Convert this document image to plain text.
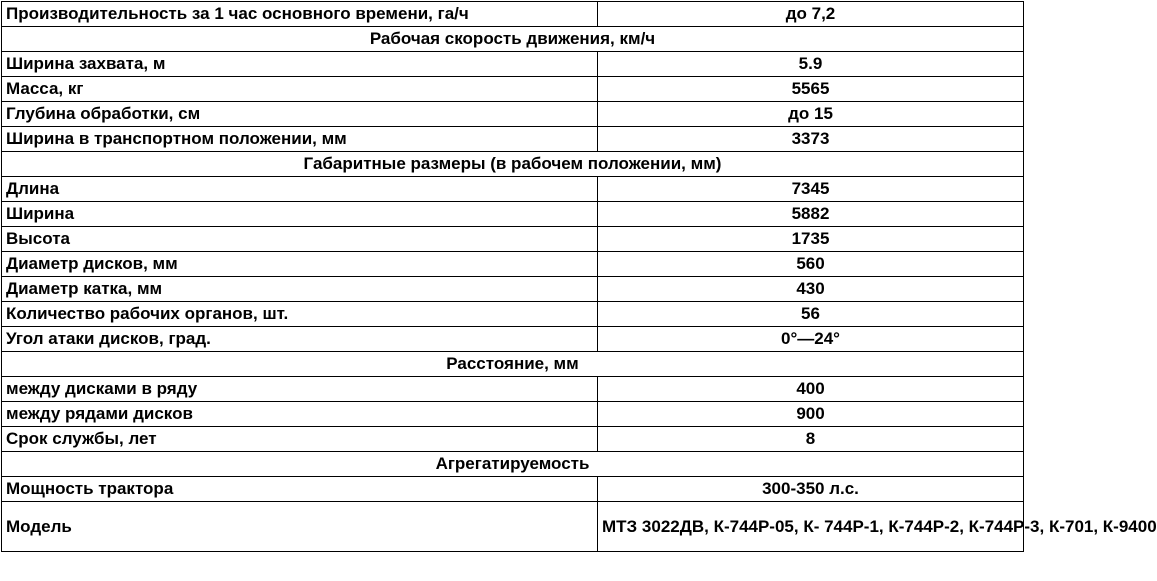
Производительность за 1 час основного времени, га/ч	до 7,2
Рабочая скорость движения, км/ч	
Ширина захвата, м	5.9
Масса, кг	5565
Глубина обработки, см	до 15
Ширина в транспортном положении, мм	3373
Габаритные размеры (в рабочем положении, мм)	
Длина	7345
Ширина	5882
Высота	1735
Диаметр дисков, мм	560
Диаметр катка, мм	430
Количество рабочих органов, шт.	56
Угол атаки дисков, град.	0°—24°
Расстояние, мм	
между дисками в ряду	400
между рядами дисков	900
Срок службы, лет	8
Агрегатируемость	
Мощность трактора	300-350 л.с.
Модель	МТЗ 3022ДВ, К-744Р-05, К- 744Р-1, К-744Р-2, К-744Р-3, К-701, К-9400
